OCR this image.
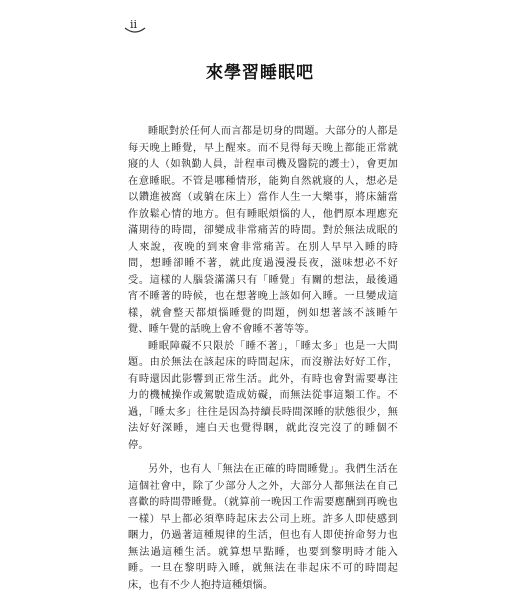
ii
來學習睡眠吧

睡眠對於任何人而言都是切身的問題。大部分的人都是每天晚上睡覺，早上醒來。而不見得每天晚上都能正常就寢的人（如執勤人員，計程車司機及醫院的護士），會更加在意睡眠。不管是哪種情形，能夠自然就寢的人，想必是以鑽進被窩（或躺在床上）當作人生一大樂事，將床舖當作放鬆心情的地方。但有睡眠煩惱的人，他們原本理應充滿期待的時間，卻變成非常痛苦的時間。對於無法成眠的人來說，夜晚的到來會非常痛苦。在別人早早入睡的時間，想睡卻睡不著，就此度過漫漫長夜，滋味想必不好受。這樣的人腦袋滿滿只有「睡覺」有關的想法，最後通宵不睡著的時候，也在想著晚上該如何入睡。一旦變成這樣，就會整天都煩惱睡覺的問題，例如想著該不該睡午覺、睡午覺的話晚上會不會睡不著等等。

睡眠障礙不只限於「睡不著」，「睡太多」也是一大問題。由於無法在該起床的時間起床，而沒辦法好好工作，有時還因此影響到正常生活。此外，有時也會對需要專注力的機械操作或駕駛造成妨礙，而無法從事這類工作。不過，「睡太多」往往是因為持續長時間深睡的狀態很少，無法好好深睡，連白天也覺得睏，就此沒完沒了的睡個不停。

另外，也有人「無法在正確的時間睡覺」。我們生活在這個社會中，除了少部分人之外，大部分人都無法在自己喜歡的時間帶睡覺。（就算前一晚因工作需要應酬到再晚也一樣）早上都必須準時起床去公司上班。許多人即使感到睏力，仍過著這種規律的生活，但也有人即使拚命努力也無法過這種生活。就算想早點睡，也要到黎明時才能入睡。一旦在黎明時入睡，就無法在非起床不可的時間起床，也有不少人抱持這種煩惱。
